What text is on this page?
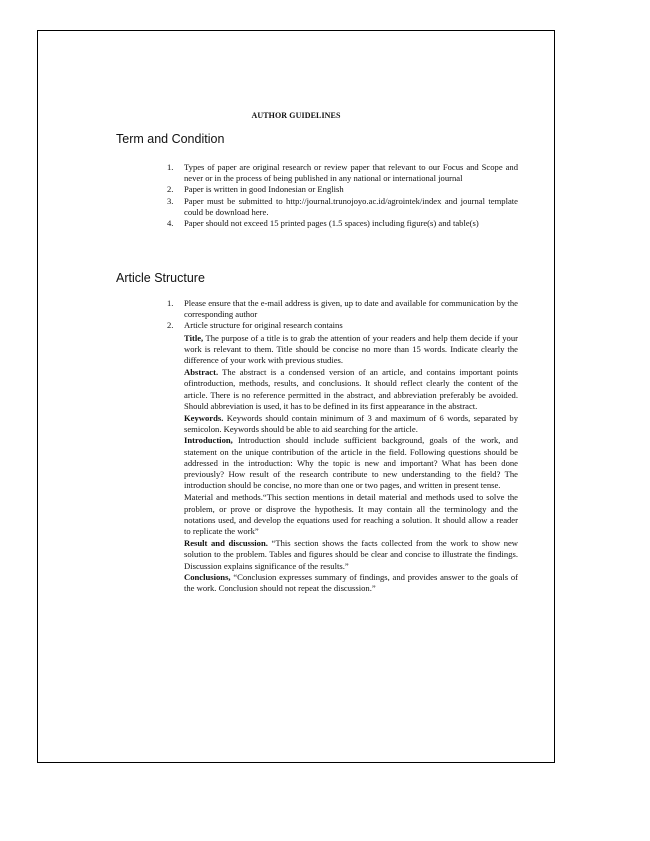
AUTHOR GUIDELINES
Term and Condition
1. Types of paper are original research or review paper that relevant to our Focus and Scope and never or in the process of being published in any national or international journal
2. Paper is written in good Indonesian or English
3. Paper must be submitted to http://journal.trunojoyo.ac.id/agrointek/index and journal template could be download here.
4. Paper should not exceed 15 printed pages (1.5 spaces) including figure(s) and table(s)
Article Structure
1. Please ensure that the e-mail address is given, up to date and available for communication by the corresponding author
2. Article structure for original research contains
Title, The purpose of a title is to grab the attention of your readers and help them decide if your work is relevant to them. Title should be concise no more than 15 words. Indicate clearly the difference of your work with previous studies.
Abstract. The abstract is a condensed version of an article, and contains important points ofintroduction, methods, results, and conclusions. It should reflect clearly the content of the article. There is no reference permitted in the abstract, and abbreviation preferably be avoided. Should abbreviation is used, it has to be defined in its first appearance in the abstract.
Keywords. Keywords should contain minimum of 3 and maximum of 6 words, separated by semicolon. Keywords should be able to aid searching for the article.
Introduction, Introduction should include sufficient background, goals of the work, and statement on the unique contribution of the article in the field. Following questions should be addressed in the introduction: Why the topic is new and important? What has been done previously? How result of the research contribute to new understanding to the field? The introduction should be concise, no more than one or two pages, and written in present tense.
Material and methods.“This section mentions in detail material and methods used to solve the problem, or prove or disprove the hypothesis. It may contain all the terminology and the notations used, and develop the equations used for reaching a solution. It should allow a reader to replicate the work”
Result and discussion. “This section shows the facts collected from the work to show new solution to the problem. Tables and figures should be clear and concise to illustrate the findings. Discussion explains significance of the results.”
Conclusions, “Conclusion expresses summary of findings, and provides answer to the goals of the work. Conclusion should not repeat the discussion.”
